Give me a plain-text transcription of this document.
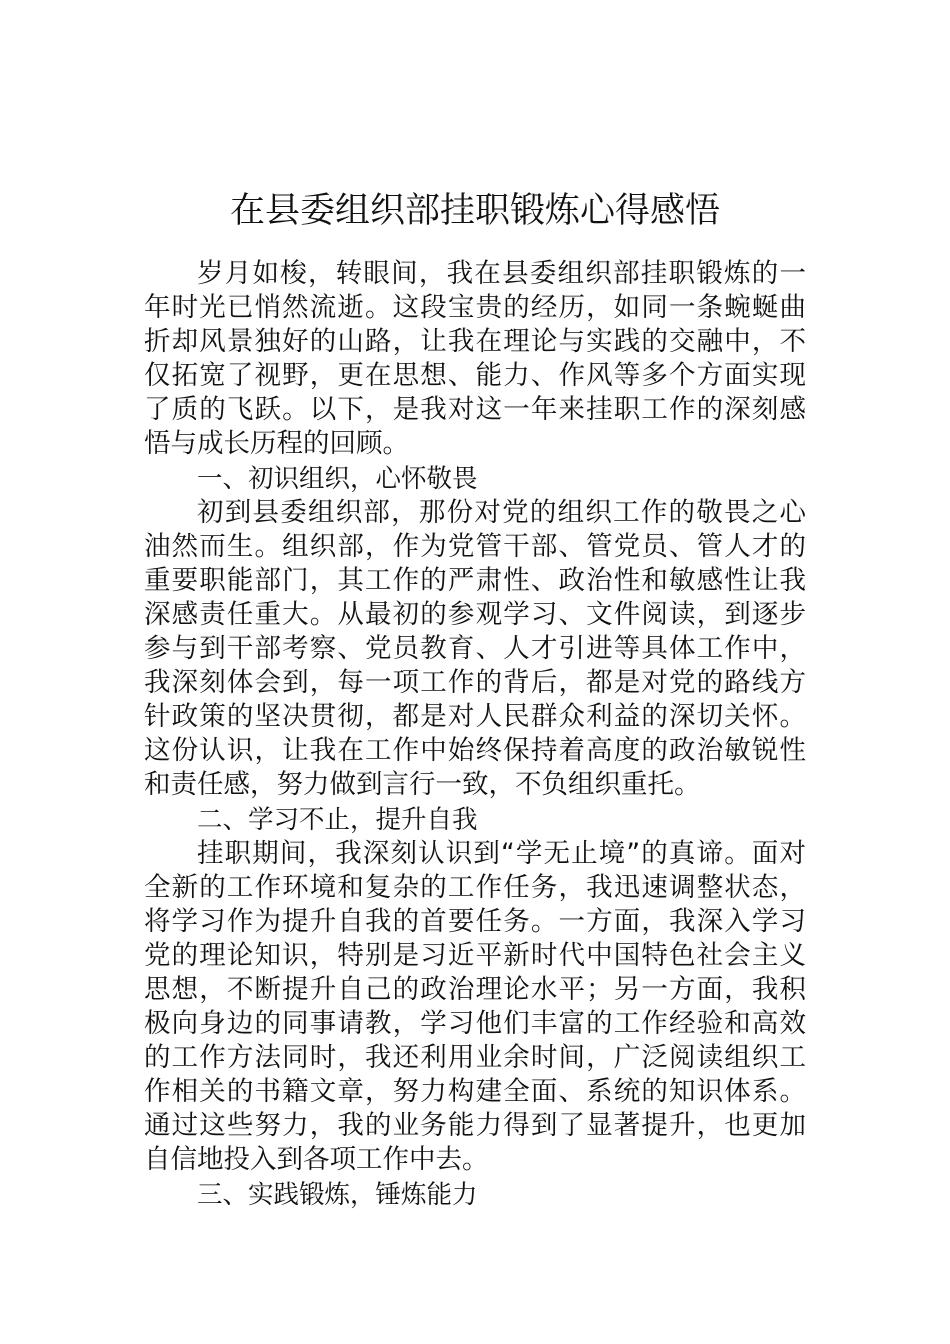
在县委组织部挂职锻炼心得感悟

岁月如梭，转眼间，我在县委组织部挂职锻炼的一年时光已悄然流逝。这段宝贵的经历，如同一条蜿蜒曲折却风景独好的山路，让我在理论与实践的交融中，不仅拓宽了视野，更在思想、能力、作风等多个方面实现了质的飞跃。以下，是我对这一年来挂职工作的深刻感悟与成长历程的回顾。

一、初识组织，心怀敬畏

初到县委组织部，那份对党的组织工作的敬畏之心油然而生。组织部，作为党管干部、管党员、管人才的重要职能部门，其工作的严肃性、政治性和敏感性让我深感责任重大。从最初的参观学习、文件阅读，到逐步参与到干部考察、党员教育、人才引进等具体工作中，我深刻体会到，每一项工作的背后，都是对党的路线方针政策的坚决贯彻，都是对人民群众利益的深切关怀。这份认识，让我在工作中始终保持着高度的政治敏锐性和责任感，努力做到言行一致，不负组织重托。

二、学习不止，提升自我

挂职期间，我深刻认识到“学无止境”的真谛。面对全新的工作环境和复杂的工作任务，我迅速调整状态，将学习作为提升自我的首要任务。一方面，我深入学习党的理论知识，特别是习近平新时代中国特色社会主义思想，不断提升自己的政治理论水平；另一方面，我积极向身边的同事请教，学习他们丰富的工作经验和高效的工作方法同时，我还利用业余时间，广泛阅读组织工作相关的书籍文章，努力构建全面、系统的知识体系。通过这些努力，我的业务能力得到了显著提升，也更加自信地投入到各项工作中去。

三、实践锻炼，锤炼能力
